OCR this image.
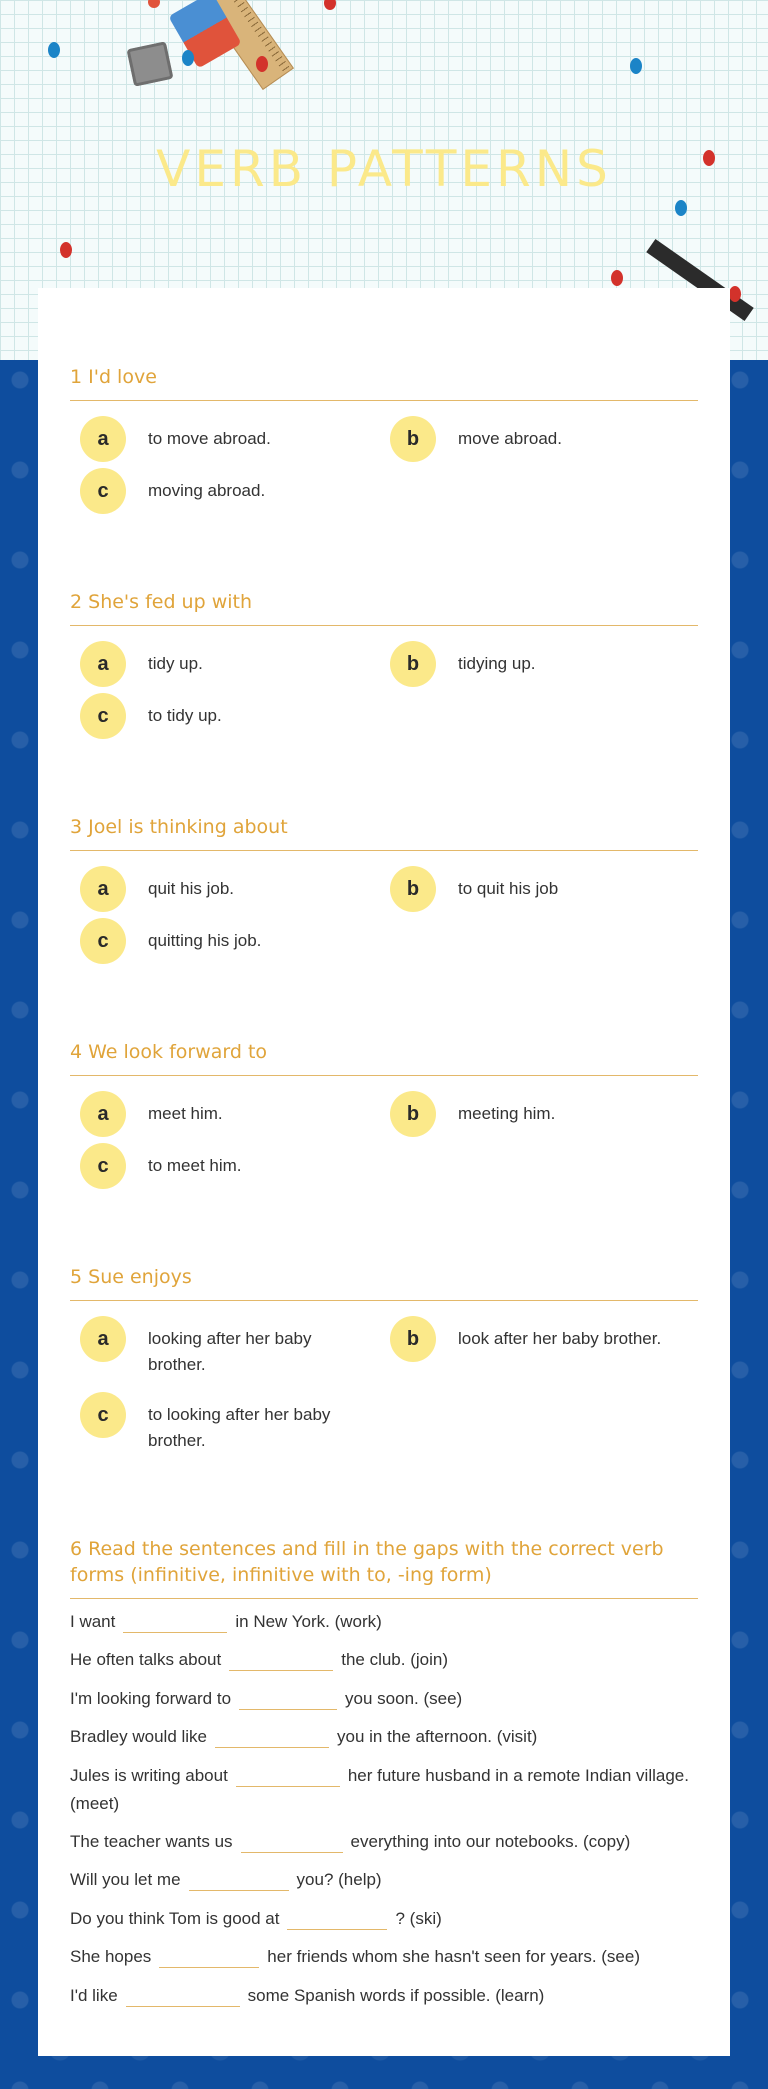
VERB PATTERNS
1 I'd love
a	to move abroad.	b	move abroad.
c	moving abroad.
2 She's fed up with
a	tidy up.	b	tidying up.
c	to tidy up.
3 Joel is thinking about
a	quit his job.	b	to quit his job
c	quitting his job.
4 We look forward to
a	meet him.	b	meeting him.
c	to meet him.
5 Sue enjoys
a	looking after her baby brother.
b	look after her baby brother.
c	to looking after her baby brother.
6 Read the sentences and fill in the gaps with the correct verb forms (infinitive, infinitive with to, -ing form)
I want	in New York. (work)
He often talks about	the club. (join)
I'm looking forward to	you soon. (see)
Bradley would like	you in the afternoon. (visit)
Jules is writing about	her future husband in a remote Indian village. (meet)
The teacher wants us	everything into our notebooks. (copy)
Will you let me	you? (help)
Do you think Tom is good at	? (ski)
She hopes	her friends whom she hasn't seen for years. (see)
I'd like	some Spanish words if possible. (learn)
